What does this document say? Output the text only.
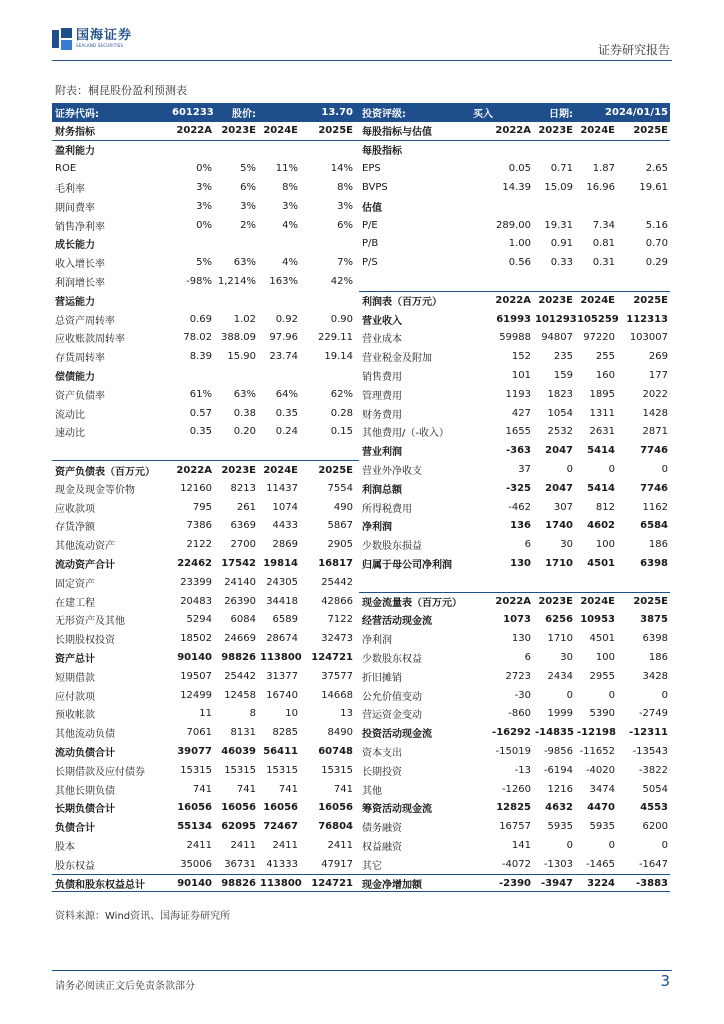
国海证券
SEALAND SECURITIES	证券研究报告
附表：桐昆股份盈利预测表
证券代码:	601233	股价:	13.70 投资评级:	买入	日期:	2024/01/15
财务指标	2022A 2023E 2024E	2025E 每股指标与估值	2022A 2023E 2024E	2025E
盈利能力	每股指标
ROE	0%	5%	11%	14% EPS	0.05	0.71	1.87	2.65
毛利率	3%	6%	8%	8% BVPS	14.39	15.09	16.96	19.61
期间费率	3%	3%	3%	3% 估值
销售净利率	0%	2%	4%	6% P/E	289.00	19.31	7.34	5.16
成长能力	P/B	1.00	0.91	0.81	0.70
收入增长率	5%	63%	4%	7% P/S	0.56	0.33	0.31	0.29
利润增长率	-98% 1,214%	163%	42%
营运能力	利润表（百万元）	2022A 2023E 2024E	2025E
总资产周转率	0.69	1.02	0.92	0.90 营业收入	61993 101293 105259 112313
应收账款周转率	78.02 388.09	97.96	229.11 营业成本	59988	94807	97220	103007
存货周转率	8.39	15.90	23.74	19.14 营业税金及附加	152	235	255	269
偿债能力	销售费用	101	159	160	177
资产负债率	61%	63%	64%	62% 管理费用	1193	1823	1895	2022
流动比	0.57	0.38	0.35	0.28 财务费用	427	1054	1311	1428
速动比	0.35	0.20	0.24	0.15 其他费用/（-收入）	1655	2532	2631	2871
营业利润	-363	2047	5414	7746
资产负债表（百万元）	2022A 2023E 2024E	2025E 营业外净收支	37	0	0	0
现金及现金等价物	12160	8213	11437	7554 利润总额	-325	2047	5414	7746
应收款项	795	261	1074	490 所得税费用	-462	307	812	1162
存货净额	7386	6369	4433	5867 净利润	136	1740	4602	6584
其他流动资产	2122	2700	2869	2905 少数股东损益	6	30	100	186
流动资产合计	22462 17542 19814	16817 归属于母公司净利润	130	1710	4501	6398
固定资产	23399	24140	24305	25442
在建工程	20483	26390	34418	42866 现金流量表（百万元）	2022A 2023E 2024E	2025E
无形资产及其他	5294	6084	6589	7122 经营活动现金流	1073	6256 10953	3875
长期股权投资	18502	24669	28674	32473 净利润	130	1710	4501	6398
资产总计	90140 98826 113800 124721 少数股东权益	6	30	100	186
短期借款	19507	25442	31377	37577 折旧摊销	2723	2434	2955	3428
应付款项	12499	12458	16740	14668 公允价值变动	-30	0	0	0
预收帐款	11	8	10	13 营运资金变动	-860	1999	5390	-2749
其他流动负债	7061	8131	8285	8490 投资活动现金流	-16292 -14835 -12198	-12311
流动负债合计	39077 46039 56411	60748 资本支出	-15019	-9856 -11652	-13543
长期借款及应付债券	15315	15315	15315	15315 长期投资	-13	-6194	-4020	-3822
其他长期负债	741	741	741	741 其他	-1260	1216	3474	5054
长期负债合计	16056 16056 16056	16056 筹资活动现金流	12825	4632	4470	4553
负债合计	55134 62095 72467	76804 债务融资	16757	5935	5935	6200
股本	2411	2411	2411	2411 权益融资	141	0	0	0
股东权益	35006	36731	41333	47917 其它	-4072	-1303	-1465	-1647
负债和股东权益总计	90140 98826 113800 124721 现金净增加额	-2390	-3947	3224	-3883
资料来源：Wind资讯、国海证券研究所
请务必阅读正文后免责条款部分	3
